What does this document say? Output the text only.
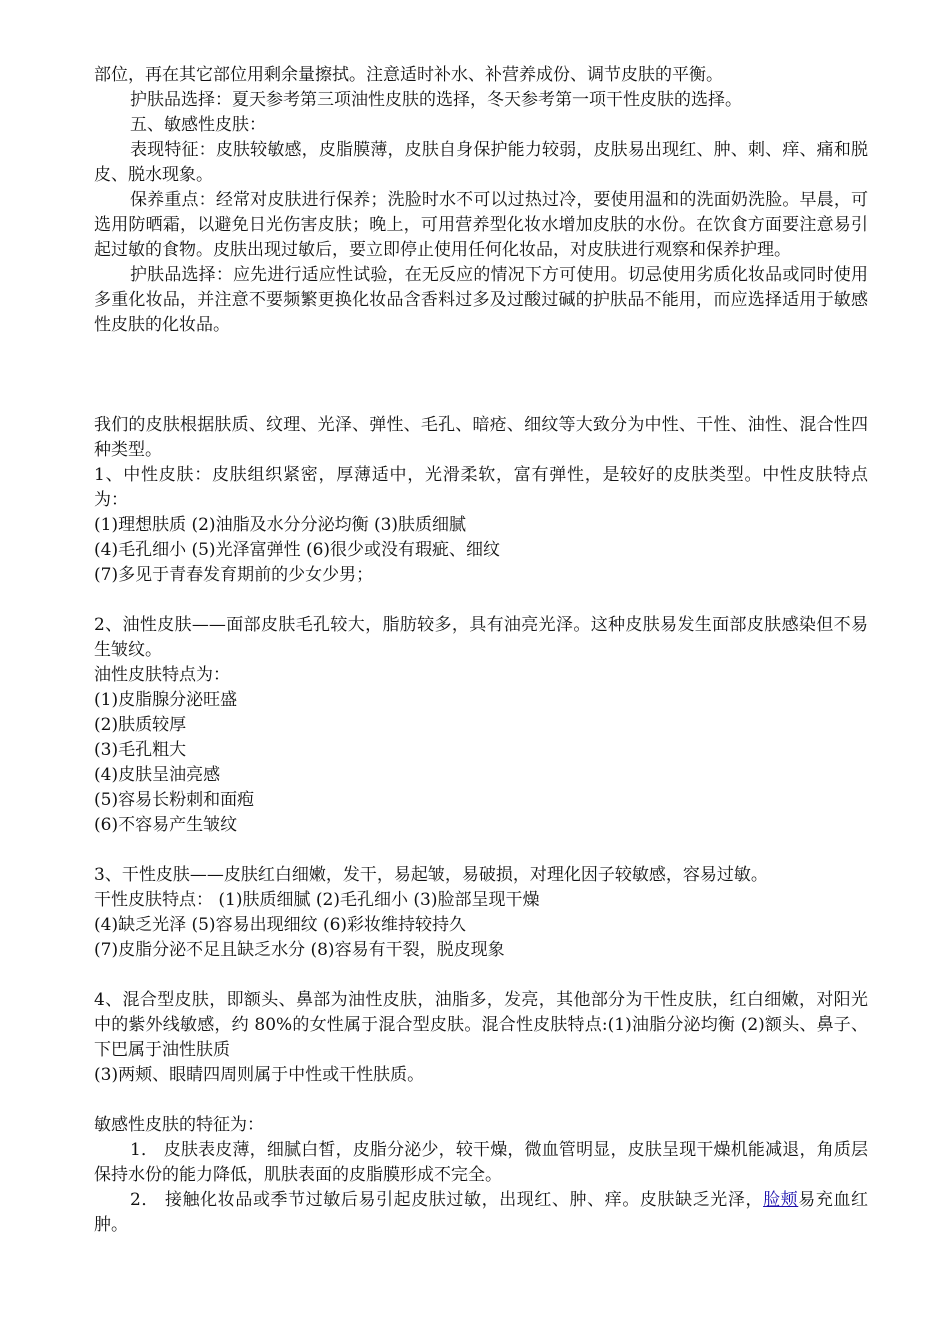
部位，再在其它部位用剩余量擦拭。注意适时补水、补营养成份、调节皮肤的平衡。

护肤品选择：夏天参考第三项油性皮肤的选择，冬天参考第一项干性皮肤的选择。

五、敏感性皮肤：

表现特征：皮肤较敏感，皮脂膜薄，皮肤自身保护能力较弱，皮肤易出现红、肿、刺、痒、痛和脱皮、脱水现象。

保养重点：经常对皮肤进行保养；洗脸时水不可以过热过冷，要使用温和的洗面奶洗脸。早晨，可选用防晒霜，以避免日光伤害皮肤；晚上，可用营养型化妆水增加皮肤的水份。在饮食方面要注意易引起过敏的食物。皮肤出现过敏后，要立即停止使用任何化妆品，对皮肤进行观察和保养护理。

护肤品选择：应先进行适应性试验，在无反应的情况下方可使用。切忌使用劣质化妆品或同时使用多重化妆品，并注意不要频繁更换化妆品含香料过多及过酸过碱的护肤品不能用，而应选择适用于敏感性皮肤的化妆品。

我们的皮肤根据肤质、纹理、光泽、弹性、毛孔、暗疮、细纹等大致分为中性、干性、油性、混合性四种类型。

1、中性皮肤：皮肤组织紧密，厚薄适中，光滑柔软，富有弹性，是较好的皮肤类型。中性皮肤特点为：

(1)理想肤质 (2)油脂及水分分泌均衡 (3)肤质细腻

(4)毛孔细小 (5)光泽富弹性 (6)很少或没有瑕疵、细纹

(7)多见于青春发育期前的少女少男；

2、油性皮肤——面部皮肤毛孔较大，脂肪较多，具有油亮光泽。这种皮肤易发生面部皮肤感染但不易生皱纹。

油性皮肤特点为：

(1)皮脂腺分泌旺盛

(2)肤质较厚

(3)毛孔粗大

(4)皮肤呈油亮感

(5)容易长粉刺和面疱

(6)不容易产生皱纹

3、干性皮肤——皮肤红白细嫩，发干，易起皱，易破损，对理化因子较敏感，容易过敏。

干性皮肤特点： (1)肤质细腻 (2)毛孔细小 (3)脸部呈现干燥

(4)缺乏光泽 (5)容易出现细纹 (6)彩妆维持较持久

(7)皮脂分泌不足且缺乏水分 (8)容易有干裂，脱皮现象

4、混合型皮肤，即额头、鼻部为油性皮肤，油脂多，发亮，其他部分为干性皮肤，红白细嫩，对阳光中的紫外线敏感，约 80%的女性属于混合型皮肤。混合性皮肤特点:(1)油脂分泌均衡 (2)额头、鼻子、下巴属于油性肤质

(3)两颊、眼睛四周则属于中性或干性肤质。

敏感性皮肤的特征为：

1． 皮肤表皮薄，细腻白皙，皮脂分泌少，较干燥，微血管明显，皮肤呈现干燥机能减退，角质层保持水份的能力降低，肌肤表面的皮脂膜形成不完全。

2． 接触化妆品或季节过敏后易引起皮肤过敏，出现红、肿、痒。皮肤缺乏光泽，脸颊易充血红肿。
